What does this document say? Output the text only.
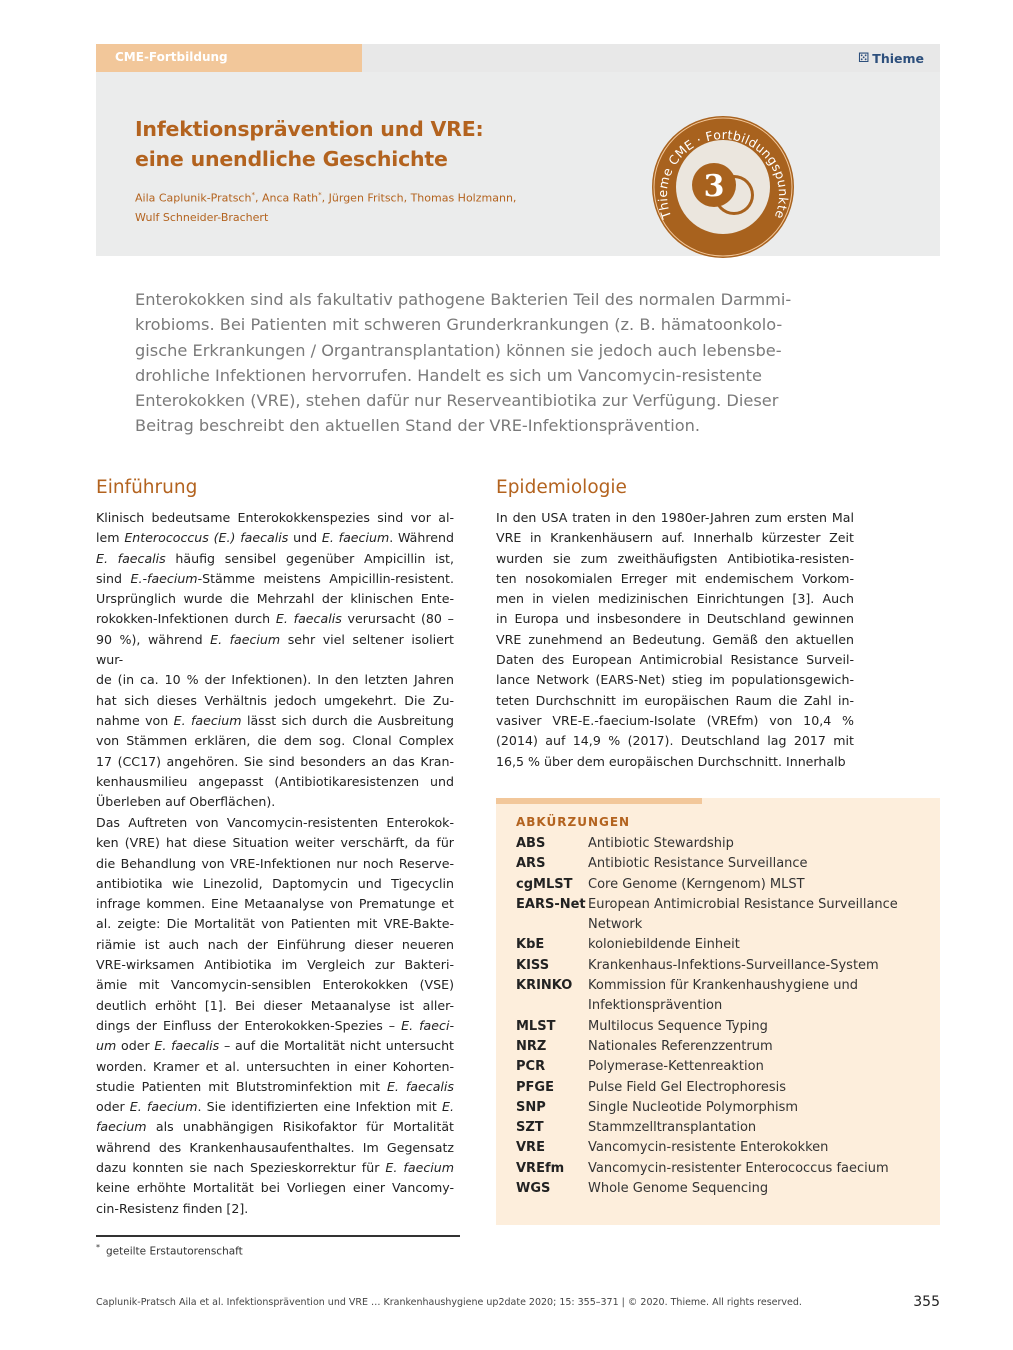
CME-Fortbildung	⚄ Thieme
Infektionsprävention und VRE:
eine unendliche Geschichte
Aila Caplunik-Pratsch*, Anca Rath*, Jürgen Fritsch, Thomas Holzmann,
Wulf Schneider-Brachert	Thieme CME · Fortbildungspunkte
3
Enterokokken sind als fakultativ pathogene Bakterien Teil des normalen Darmmi-
krobioms. Bei Patienten mit schweren Grunderkrankungen (z. B. hämatoonkolo-
gische Erkrankungen / Organtransplantation) können sie jedoch auch lebensbe-
drohliche Infektionen hervorrufen. Handelt es sich um Vancomycin-resistente
Enterokokken (VRE), stehen dafür nur Reserveantibiotika zur Verfügung. Dieser
Beitrag beschreibt den aktuellen Stand der VRE-Infektionsprävention.
Einführung
Klinisch bedeutsame Enterokokkenspezies sind vor al-
lem Enterococcus (E.) faecalis und E. faecium. Während
E. faecalis häufig sensibel gegenüber Ampicillin ist,
sind E.-faecium-Stämme meistens Ampicillin-resistent.
Ursprünglich wurde die Mehrzahl der klinischen Ente-
rokokken-Infektionen durch E. faecalis verursacht (80 –
90 %), während E. faecium sehr viel seltener isoliert wur-
de (in ca. 10 % der Infektionen). In den letzten Jahren
hat sich dieses Verhältnis jedoch umgekehrt. Die Zu-
nahme von E. faecium lässt sich durch die Ausbreitung
von Stämmen erklären, die dem sog. Clonal Complex
17 (CC17) angehören. Sie sind besonders an das Kran-
kenhausmilieu angepasst (Antibiotikaresistenzen und
Überleben auf Oberflächen).
Das Auftreten von Vancomycin-resistenten Enterokok-
ken (VRE) hat diese Situation weiter verschärft, da für
die Behandlung von VRE-Infektionen nur noch Reserve-
antibiotika wie Linezolid, Daptomycin und Tigecyclin
infrage kommen. Eine Metaanalyse von Prematunge et
al. zeigte: Die Mortalität von Patienten mit VRE-Bakte-
riämie ist auch nach der Einführung dieser neueren
VRE-wirksamen Antibiotika im Vergleich zur Bakteri-
ämie mit Vancomycin-sensiblen Enterokokken (VSE)
deutlich erhöht [1]. Bei dieser Metaanalyse ist aller-
dings der Einfluss der Enterokokken-Spezies – E. faeci-
um oder E. faecalis – auf die Mortalität nicht untersucht
worden. Kramer et al. untersuchten in einer Kohorten-
studie Patienten mit Blutstrominfektion mit E. faecalis
oder E. faecium. Sie identifizierten eine Infektion mit E.
faecium als unabhängigen Risikofaktor für Mortalität
während des Krankenhausaufenthaltes. Im Gegensatz
dazu konnten sie nach Spezieskorrektur für E. faecium
keine erhöhte Mortalität bei Vorliegen einer Vancomy-
cin-Resistenz finden [2].
Epidemiologie
In den USA traten in den 1980er-Jahren zum ersten Mal
VRE in Krankenhäusern auf. Innerhalb kürzester Zeit
wurden sie zum zweithäufigsten Antibiotika-resisten-
ten nosokomialen Erreger mit endemischem Vorkom-
men in vielen medizinischen Einrichtungen [3]. Auch
in Europa und insbesondere in Deutschland gewinnen
VRE zunehmend an Bedeutung. Gemäß den aktuellen
Daten des European Antimicrobial Resistance Surveil-
lance Network (EARS-Net) stieg im populationsgewich-
teten Durchschnitt im europäischen Raum die Zahl in-
vasiver VRE-E.-faecium-Isolate (VREfm) von 10,4 %
(2014) auf 14,9 % (2017). Deutschland lag 2017 mit
16,5 % über dem europäischen Durchschnitt. Innerhalb
ABKÜRZUNGEN
ABS	Antibiotic Stewardship
ARS	Antibiotic Resistance Surveillance
cgMLST	Core Genome (Kerngenom) MLST
EARS-Net European Antimicrobial Resistance Surveillance
Network
KbE	koloniebildende Einheit
KISS	Krankenhaus-Infektions-Surveillance-System
KRINKO	Kommission für Krankenhaushygiene und
Infektionsprävention
MLST	Multilocus Sequence Typing
NRZ	Nationales Referenzzentrum
PCR	Polymerase-Kettenreaktion
PFGE	Pulse Field Gel Electrophoresis
SNP	Single Nucleotide Polymorphism
SZT	Stammzelltransplantation
VRE	Vancomycin-resistente Enterokokken
VREfm	Vancomycin-resistenter Enterococcus faecium
WGS	Whole Genome Sequencing
* geteilte Erstautorenschaft
Caplunik-Pratsch Aila et al. Infektionsprävention und VRE … Krankenhaushygiene up2date 2020; 15: 355–371 | © 2020. Thieme. All rights reserved.	355
